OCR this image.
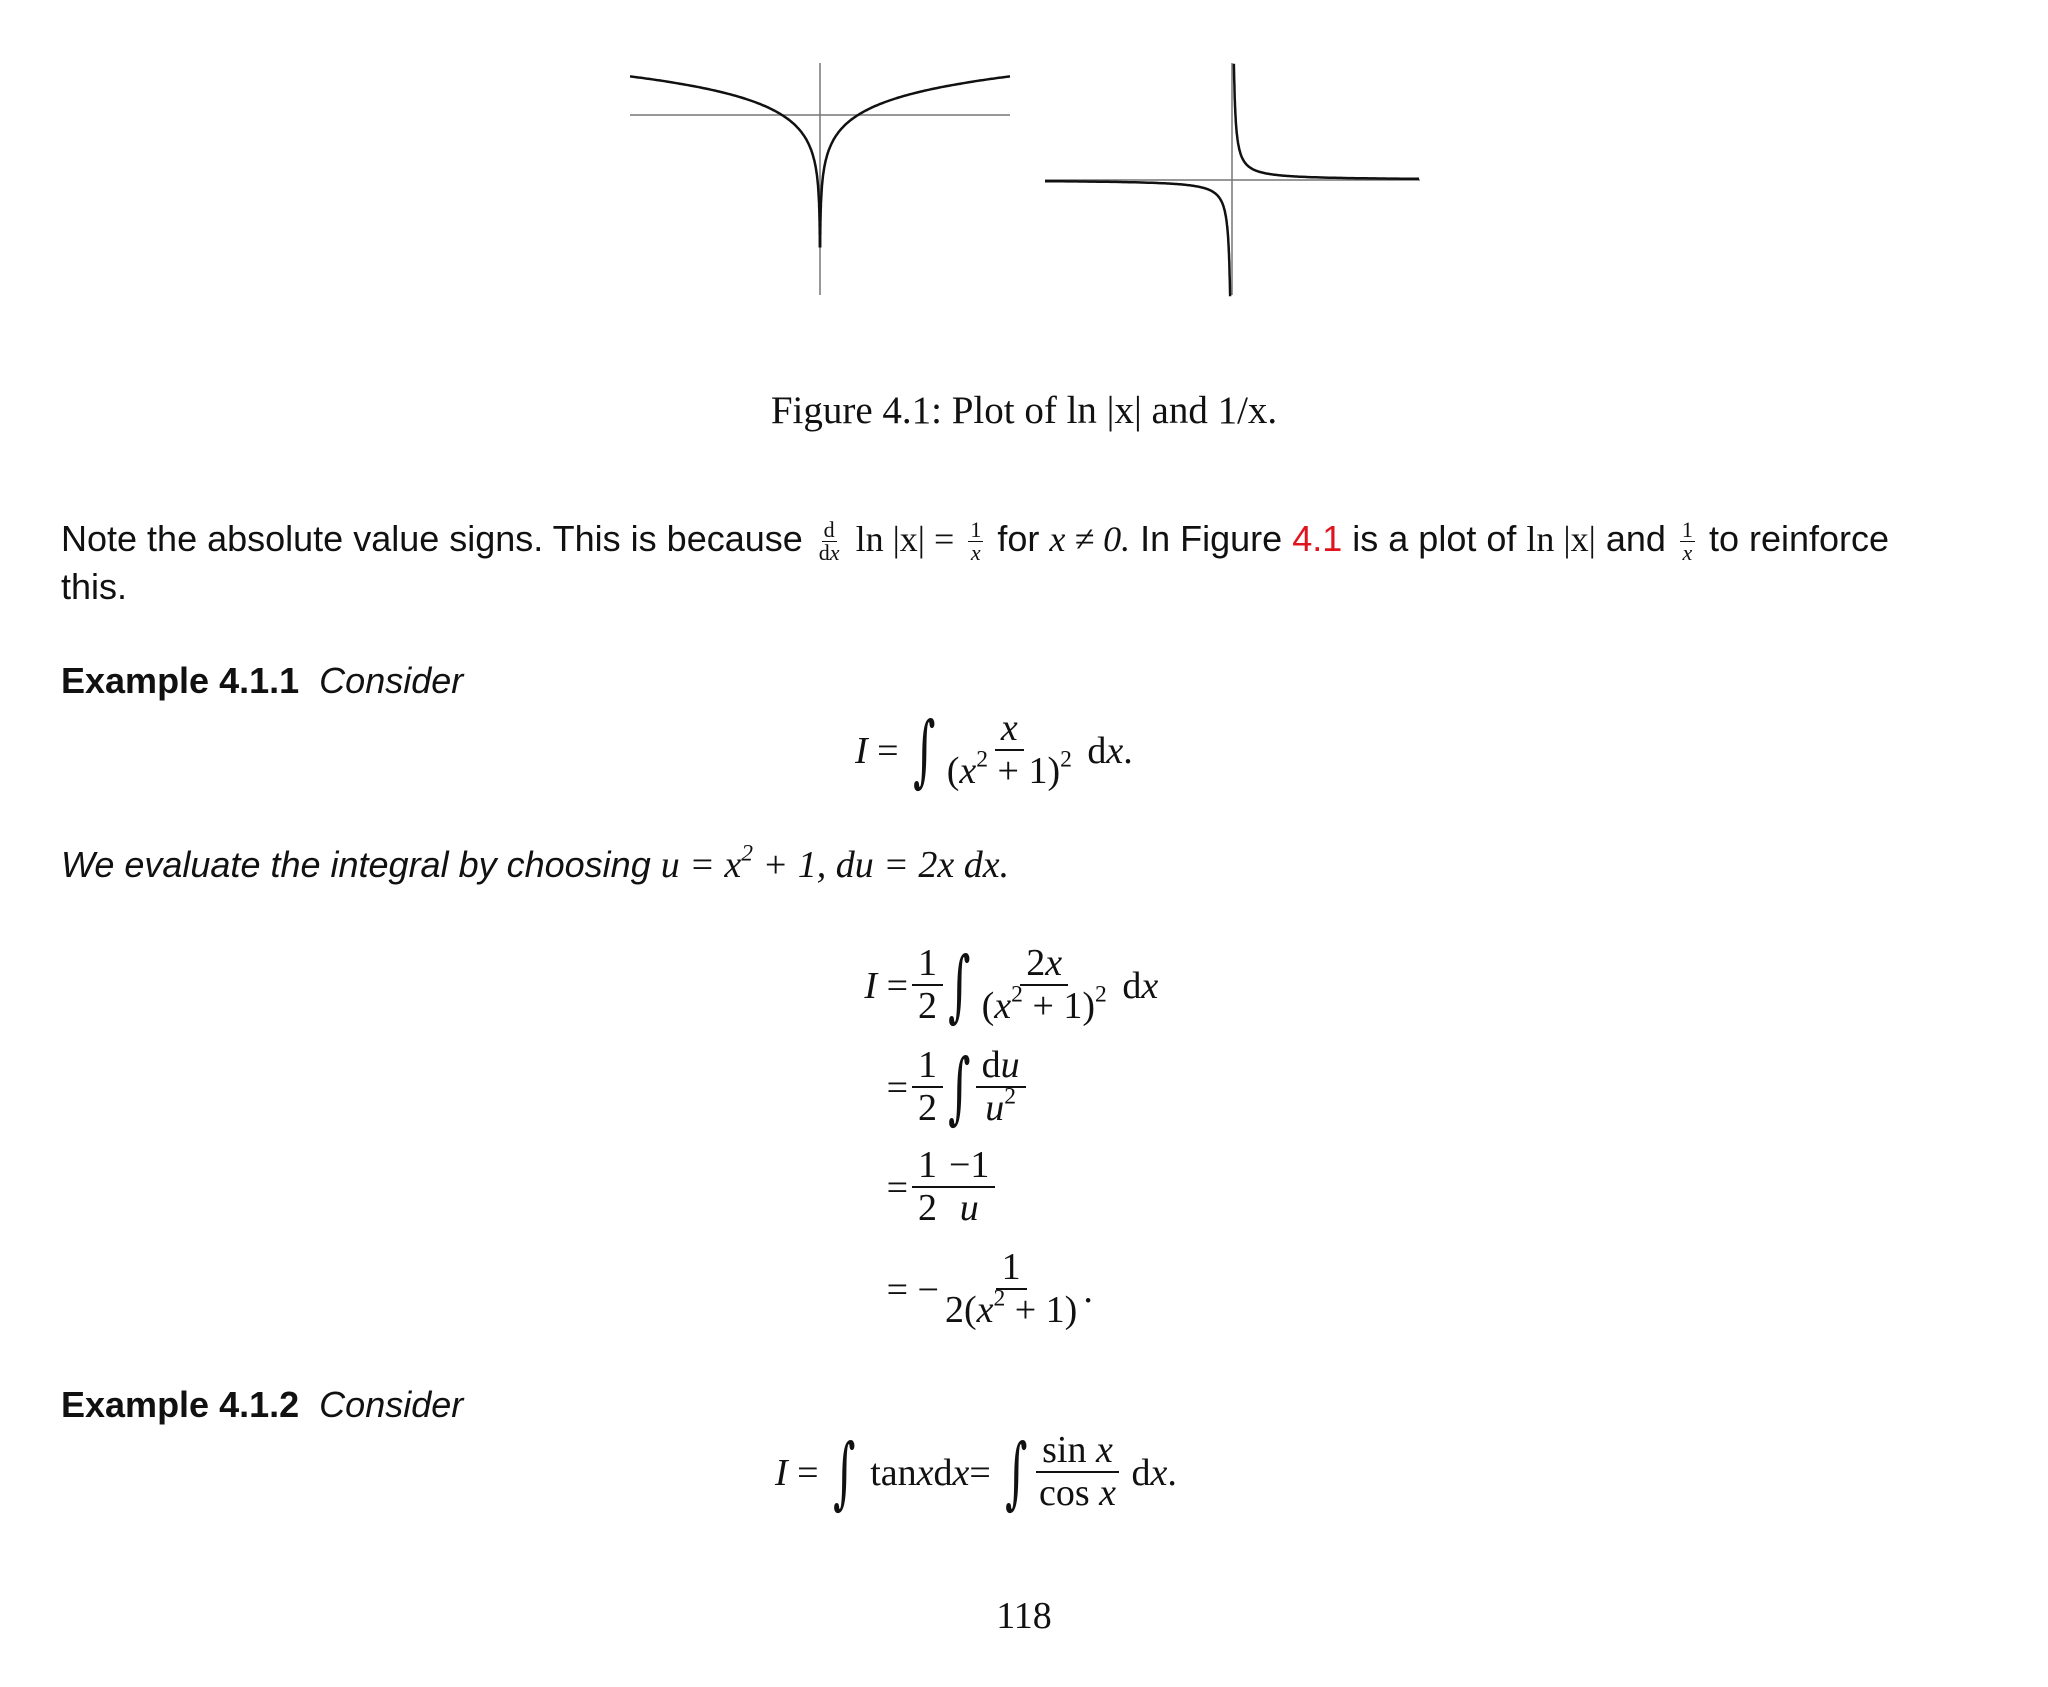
Figure 4.1: Plot of ln |x| and 1/x.
Note the absolute value signs. This is because $\frac{d}{dx}$ $\ln |x| = \frac{1}{x}$ for x ≠ 0. In Figure 4.1 is a plot of ln |x| and $\frac{1}{x}$ to reinforce
this.
Example 4.1.1 Consider
I = ∫ $\frac{x}{(x^2 + 1)^2}$ d x .
We evaluate the integral by choosing $u = x^2 + 1$, du = 2x dx.
$I = \frac{1}{2}$ ∫ $\frac{2x}{(x^2 + 1)^2}$ d x
= $\frac{1}{2}$ ∫ $\frac{du}{u^2}$
= $\frac{1}{2} \frac{-1}{u}$
= − $\frac{1}{2(x^2 + 1)}$ .
Example 4.1.2 Consider
I = ∫ tan x d x = ∫ $\frac{\text{sin x}}{\text{cos x}}$ d x .
118
